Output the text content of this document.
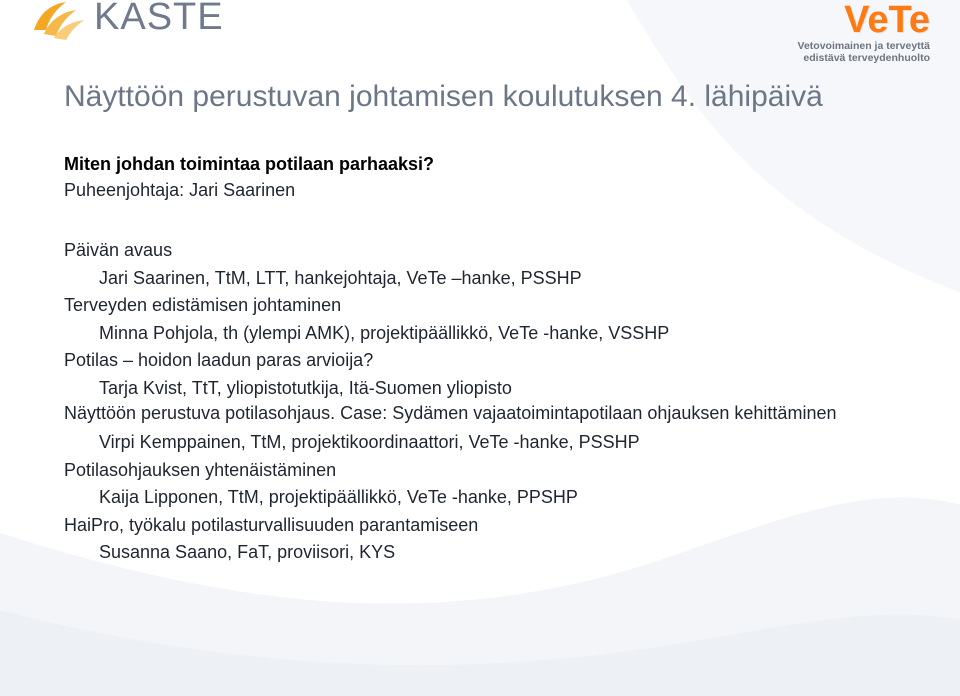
KASTE	VeTe
Vetovoimainen ja terveyttä
edistävä terveydenhuolto
Näyttöön perustuvan johtamisen koulutuksen 4. lähipäivä
Miten johdan toimintaa potilaan parhaaksi?
Puheenjohtaja: Jari Saarinen
Päivän avaus
Jari Saarinen, TtM, LTT, hankejohtaja, VeTe –hanke, PSSHP
Terveyden edistämisen johtaminen
Minna Pohjola, th (ylempi AMK), projektipäällikkö, VeTe -hanke, VSSHP
Potilas – hoidon laadun paras arvioija?
Tarja Kvist, TtT, yliopistotutkija, Itä-Suomen yliopisto
Näyttöön perustuva potilasohjaus. Case: Sydämen vajaatoimintapotilaan ohjauksen kehittäminen
Virpi Kemppainen, TtM, projektikoordinaattori, VeTe -hanke, PSSHP
Potilasohjauksen yhtenäistäminen
Kaija Lipponen, TtM, projektipäällikkö, VeTe -hanke, PPSHP
HaiPro, työkalu potilasturvallisuuden parantamiseen
Susanna Saano, FaT, proviisori, KYS
